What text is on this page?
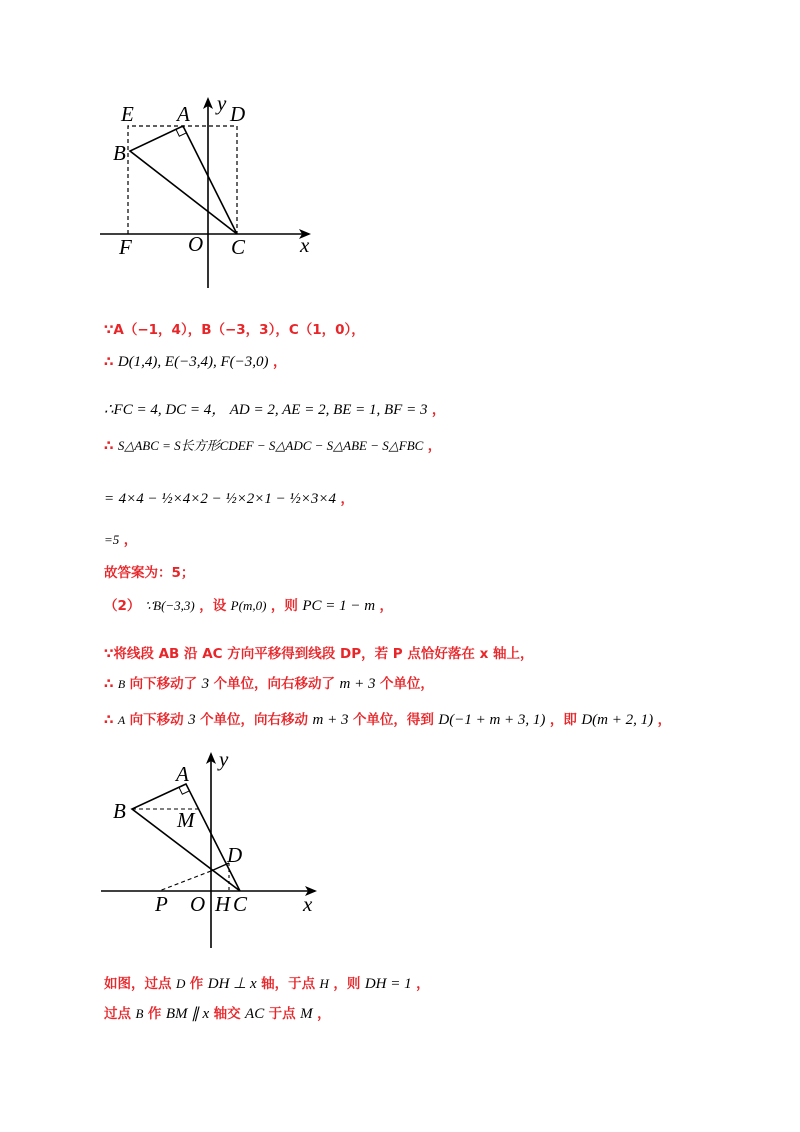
E A y D
B
F	O C	x
∵A（−1，4），B（−3，3），C（1，0），
∴ D(1,4), E(−3,4), F(−3,0) ，
∴FC = 4, DC = 4， AD = 2, AE = 2, BE = 1, BF = 3 ，
∴ S△ABC = S长方形CDEF − S△ADC − S△ABE − S△FBC ，
= 4×4 − ½×4×2 − ½×2×1 − ½×3×4 ，
=5 ，
故答案为：5；
（2） ∵B(−3,3) ，设 P(m,0) ，则 PC = 1 − m ，
∵将线段 AB 沿 AC 方向平移得到线段 DP，若 P 点恰好落在 x 轴上，
∴ B 向下移动了 3 个单位，向右移动了 m + 3 个单位，
∴ A 向下移动 3 个单位，向右移动 m + 3 个单位，得到 D(−1 + m + 3, 1) ，即 D(m + 2, 1) ，
y
A
B M
D
P O H C	x
如图，过点 D 作 DH ⊥ x 轴，于点 H ，则 DH = 1 ，
过点 B 作 BM ∥ x 轴交 AC 于点 M ，
